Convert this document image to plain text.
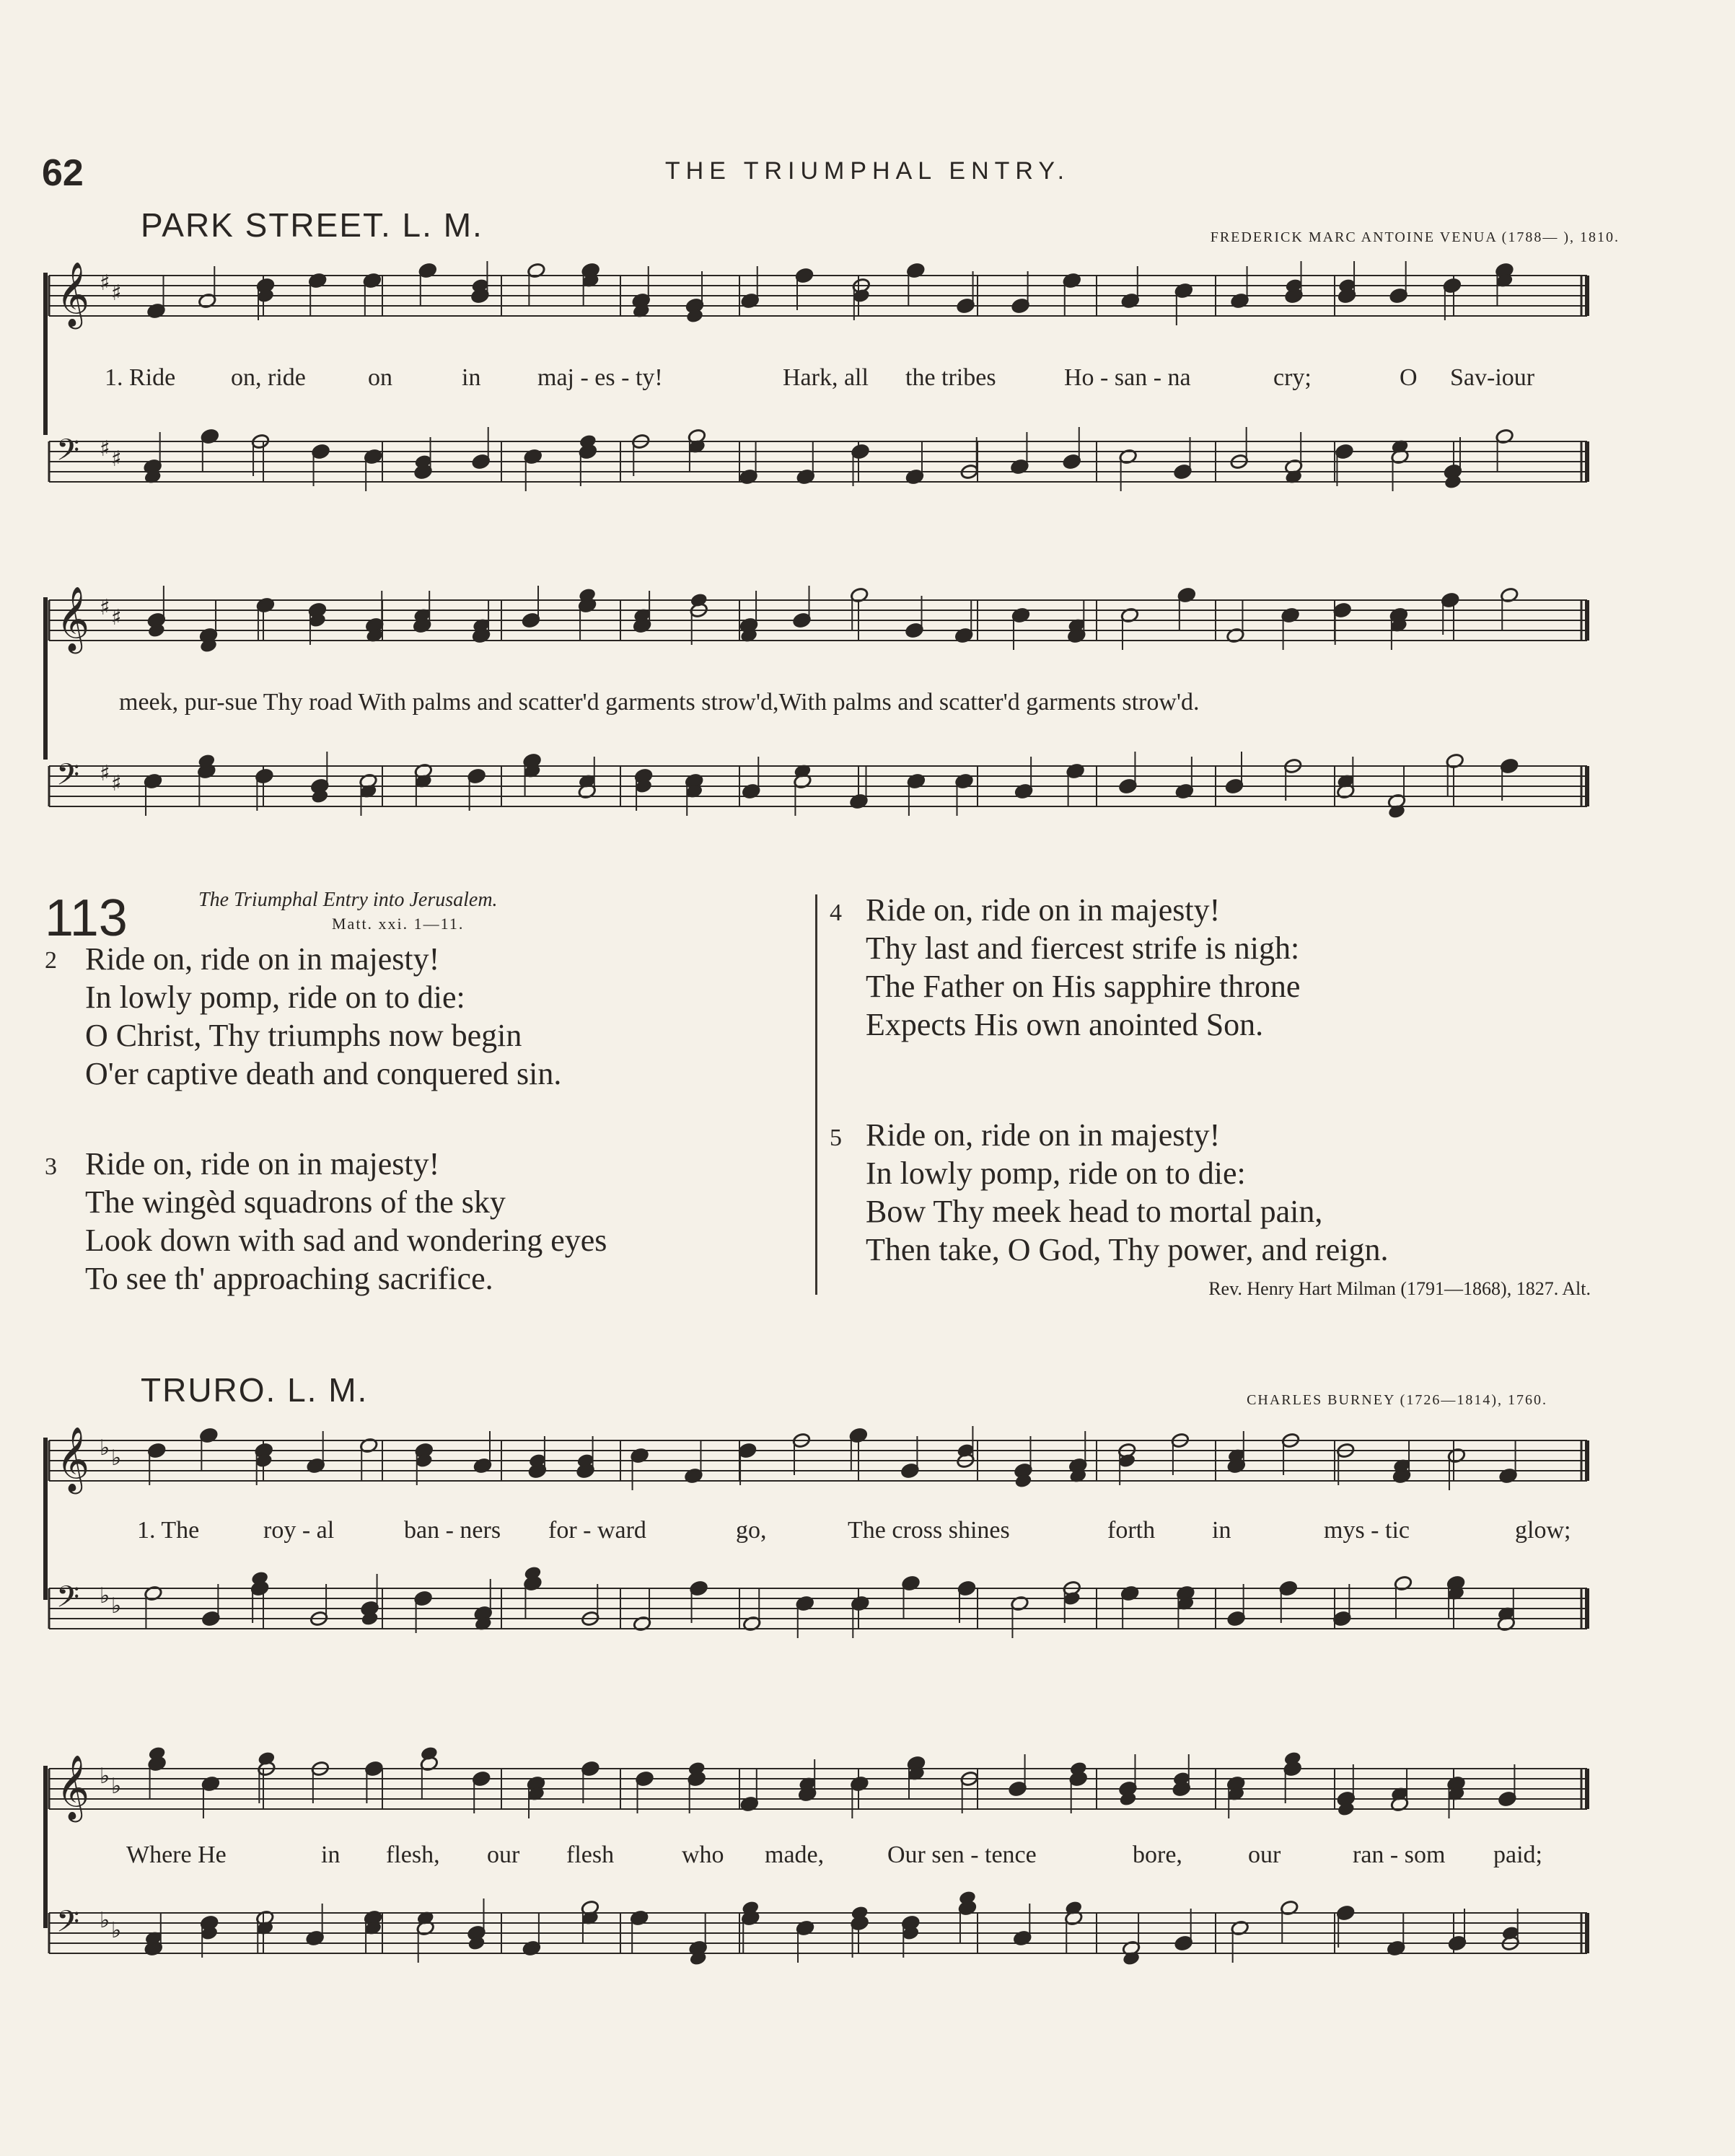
62	THE TRIUMPHAL ENTRY.
PARK STREET. L. M.	FREDERICK MARC ANTOINE VENUA (1788— ), 1810.
𝄞 ♯ ♯
1. Ride on, ride	on	in maj - es - ty!	Hark, all the tribes	Ho - san - na	cry;	O Sav-iour
𝄢 ♯ ♯
𝄞 ♯ ♯
meek, pur-sue Thy road With palms and scatter'd garments strow'd,With palms and scatter'd garments strow'd.
𝄢 ♯ ♯
113	The Triumphal Entry into Jerusalem.
Matt. xxi. 1—11.
2 Ride on, ride on in majesty!
In lowly pomp, ride on to die:
O Christ, Thy triumphs now begin
O'er captive death and conquered sin.
3 Ride on, ride on in majesty!
The wingèd squadrons of the sky
Look down with sad and wondering eyes
To see th' approaching sacrifice.
4 Ride on, ride on in majesty!
Thy last and fiercest strife is nigh:
The Father on His sapphire throne
Expects His own anointed Son.
5 Ride on, ride on in majesty!
In lowly pomp, ride on to die:
Bow Thy meek head to mortal pain,
Then take, O God, Thy power, and reign.
Rev. Henry Hart Milman (1791—1868), 1827. Alt.
TRURO. L. M.	CHARLES BURNEY (1726—1814), 1760.
𝄞 ♭ ♭
1. The	roy - al	ban - ners for - ward	go,	The cross shines	forth in	mys - tic	glow;
𝄢 ♭ ♭
𝄞 ♭ ♭
Where He	in flesh, our flesh	who made,	Our sen - tence	bore,	our	ran - som paid;
𝄢 ♭ ♭
